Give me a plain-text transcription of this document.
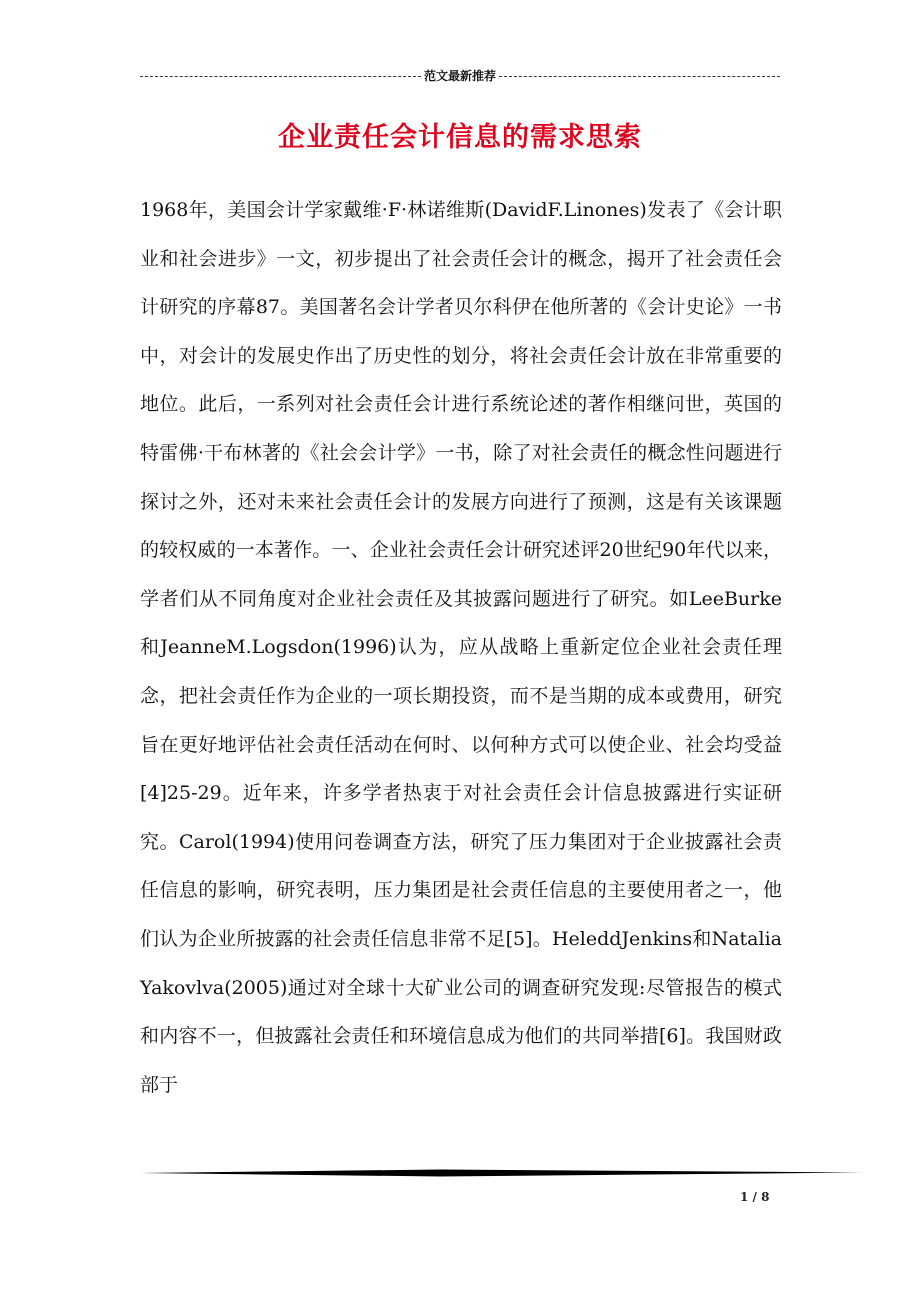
范文最新推荐
企业责任会计信息的需求思索

1968年，美国会计学家戴维·F·林诺维斯(DavidF.Linones)发表了《会计职业和社会进步》一文，初步提出了社会责任会计的概念，揭开了社会责任会计研究的序幕87。美国著名会计学者贝尔科伊在他所著的《会计史论》一书中，对会计的发展史作出了历史性的划分，将社会责任会计放在非常重要的地位。此后，一系列对社会责任会计进行系统论述的著作相继问世，英国的特雷佛·干布林著的《社会会计学》一书，除了对社会责任的概念性问题进行探讨之外，还对未来社会责任会计的发展方向进行了预测，这是有关该课题的较权威的一本著作。一、企业社会责任会计研究述评20世纪90年代以来，学者们从不同角度对企业社会责任及其披露问题进行了研究。如LeeBurke和JeanneM.Logsdon(1996)认为，应从战略上重新定位企业社会责任理念，把社会责任作为企业的一项长期投资，而不是当期的成本或费用，研究旨在更好地评估社会责任活动在何时、以何种方式可以使企业、社会均受益[4]25-29。近年来，许多学者热衷于对社会责任会计信息披露进行实证研究。Carol(1994)使用问卷调查方法，研究了压力集团对于企业披露社会责任信息的影响，研究表明，压力集团是社会责任信息的主要使用者之一，他们认为企业所披露的社会责任信息非常不足[5]。HeleddJenkins和NataliaYakovlva(2005)通过对全球十大矿业公司的调查研究发现:尽管报告的模式和内容不一，但披露社会责任和环境信息成为他们的共同举措[6]。我国财政部于

1 / 8
